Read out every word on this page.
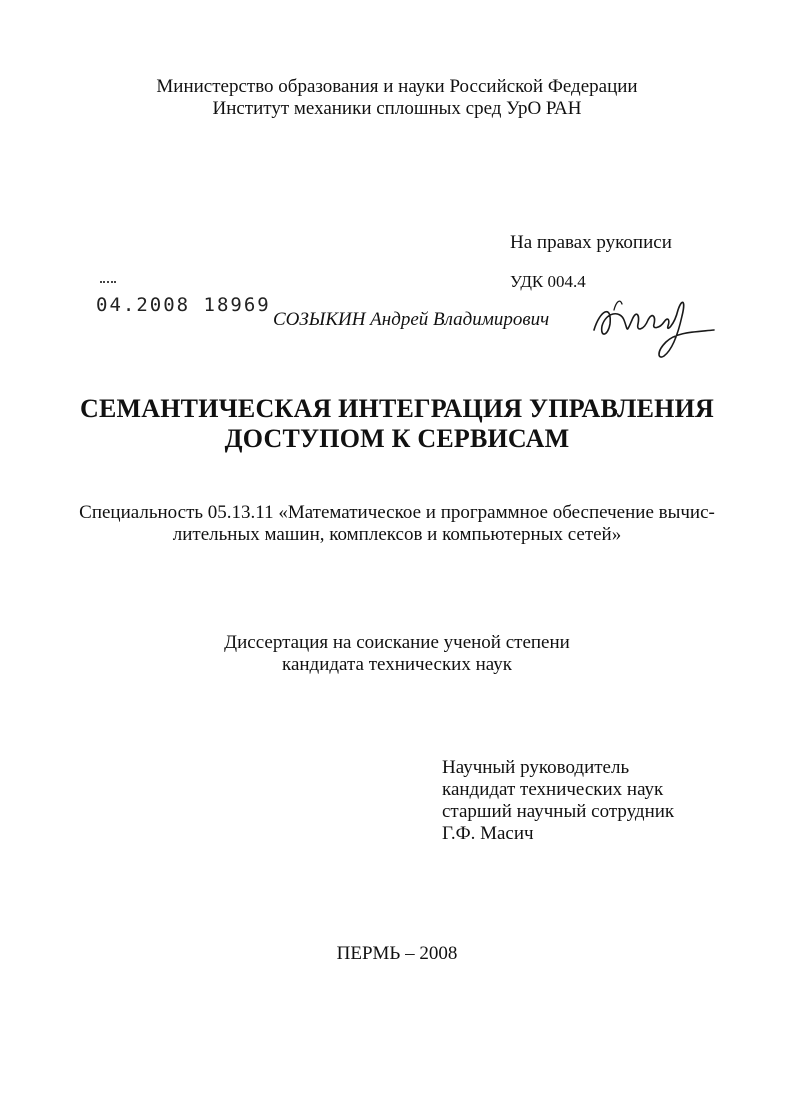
Министерство образования и науки Российской Федерации

Институт механики сплошных сред УрО РАН

На правах рукописи

УДК 004.4

04.2008 18969

СОЗЫКИН Андрей Владимирович

СЕМАНТИЧЕСКАЯ ИНТЕГРАЦИЯ УПРАВЛЕНИЯ
ДОСТУПОМ К СЕРВИСАМ

Специальность 05.13.11 «Математическое и программное обеспечение вычис-

лительных машин, комплексов и компьютерных сетей»

Диссертация на соискание ученой степени

кандидата технических наук

Научный руководитель

кандидат технических наук

старший научный сотрудник

Г.Ф. Масич

ПЕРМЬ – 2008
